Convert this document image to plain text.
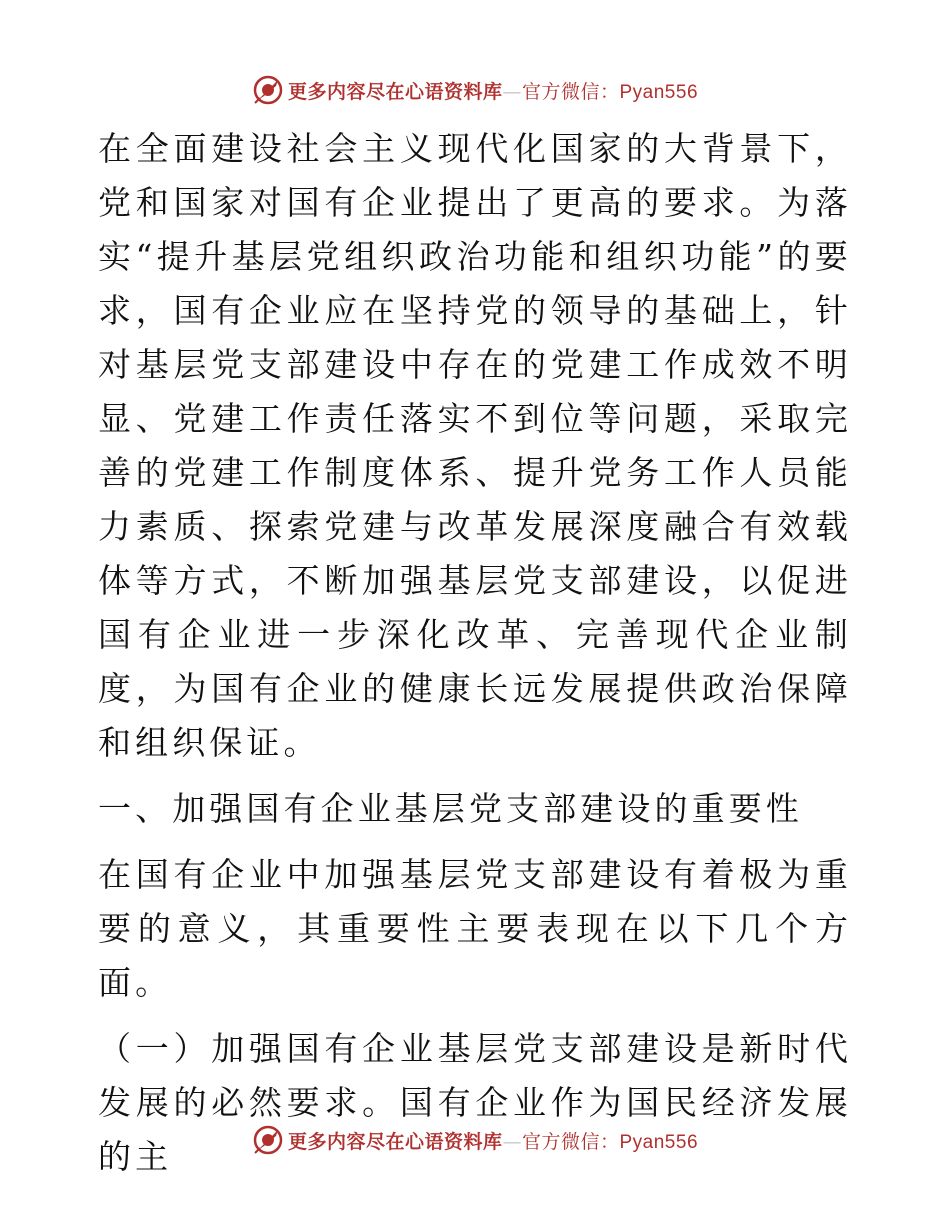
更多内容尽在心语资料库—官方微信：Pyan556

在全面建设社会主义现代化国家的大背景下，党和国家对国有企业提出了更高的要求。为落实“提升基层党组织政治功能和组织功能”的要求，国有企业应在坚持党的领导的基础上，针对基层党支部建设中存在的党建工作成效不明显、党建工作责任落实不到位等问题，采取完善的党建工作制度体系、提升党务工作人员能力素质、探索党建与改革发展深度融合有效载体等方式，不断加强基层党支部建设，以促进国有企业进一步深化改革、完善现代企业制度，为国有企业的健康长远发展提供政治保障和组织保证。

一、加强国有企业基层党支部建设的重要性

在国有企业中加强基层党支部建设有着极为重要的意义，其重要性主要表现在以下几个方面。

（一）加强国有企业基层党支部建设是新时代发展的必然要求。国有企业作为国民经济发展的主	更多内容尽在心语资料库—官方微信：Pyan556
